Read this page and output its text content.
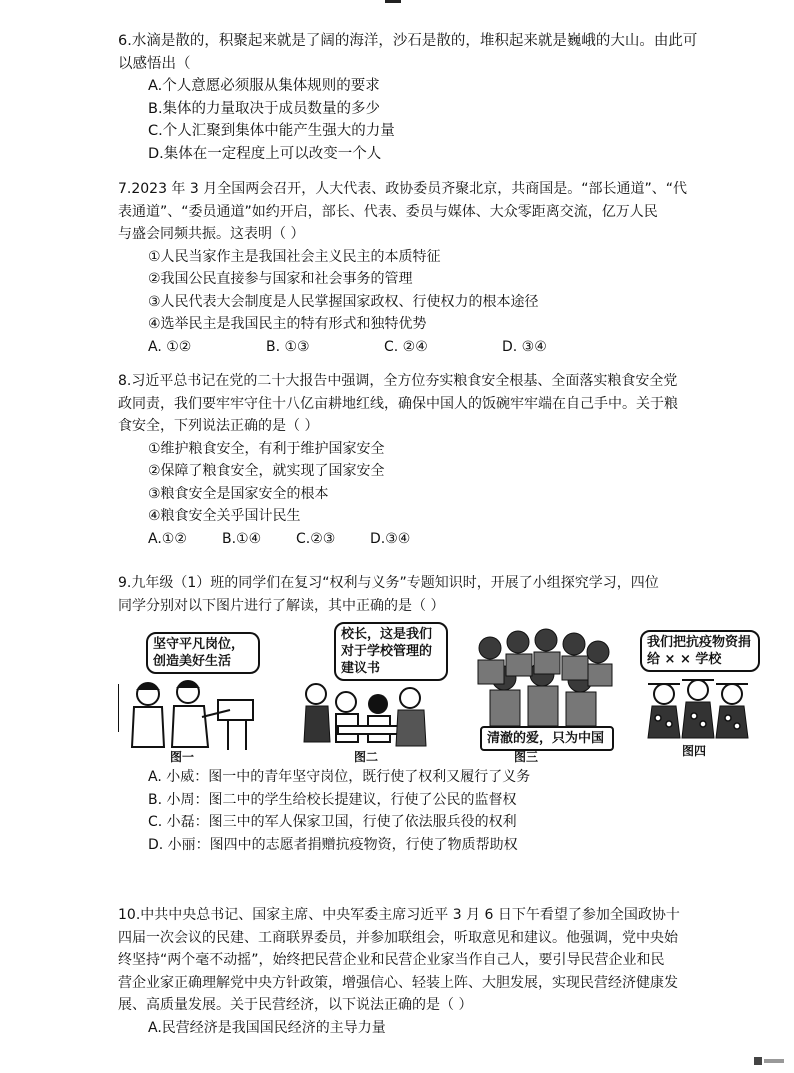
6.水滴是散的，积聚起来就是了阔的海洋，沙石是散的，堆积起来就是巍峨的大山。由此可

以感悟出（

A.个人意愿必须服从集体规则的要求

B.集体的力量取决于成员数量的多少

C.个人汇聚到集体中能产生强大的力量

D.集体在一定程度上可以改变一个人

7.2023 年 3 月全国两会召开，人大代表、政协委员齐聚北京，共商国是。“部长通道”、“代

表通道”、“委员通道”如约开启，部长、代表、委员与媒体、大众零距离交流，亿万人民

与盛会同频共振。这表明（ ）

①人民当家作主是我国社会主义民主的本质特征

②我国公民直接参与国家和社会事务的管理

③人民代表大会制度是人民掌握国家政权、行使权力的根本途径

④选举民主是我国民主的特有形式和独特优势

A. ①②	B. ①③	C. ②④	D. ③④

8.习近平总书记在党的二十大报告中强调，全方位夯实粮食安全根基、全面落实粮食安全党

政同责，我们要牢牢守住十八亿亩耕地红线，确保中国人的饭碗牢牢端在自己手中。关于粮

食安全，下列说法正确的是（ ）

①维护粮食安全，有利于维护国家安全

②保障了粮食安全，就实现了国家安全

③粮食安全是国家安全的根本

④粮食安全关乎国计民生

A.①②	B.①④	C.②③	D.③④

9.九年级（1）班的同学们在复习“权利与义务”专题知识时，开展了小组探究学习，四位

同学分别对以下图片进行了解读，其中正确的是（ ）

坚守平凡岗位，创造美好生活
图一
校长，这是我们对于学校管理的建议书
图二
清澈的爱，只为中国
图三
我们把抗疫物资捐给 × × 学校
图四

A. 小威：图一中的青年坚守岗位，既行使了权利又履行了义务

B. 小周：图二中的学生给校长提建议，行使了公民的监督权

C. 小磊：图三中的军人保家卫国，行使了依法服兵役的权利

D. 小丽：图四中的志愿者捐赠抗疫物资，行使了物质帮助权

10.中共中央总书记、国家主席、中央军委主席习近平 3 月 6 日下午看望了参加全国政协十

四届一次会议的民建、工商联界委员，并参加联组会，听取意见和建议。他强调，党中央始

终坚持“两个毫不动摇”，始终把民营企业和民营企业家当作自己人，要引导民营企业和民

营企业家正确理解党中央方针政策，增强信心、轻装上阵、大胆发展，实现民营经济健康发

展、高质量发展。关于民营经济，以下说法正确的是（ ）

A.民营经济是我国国民经济的主导力量
